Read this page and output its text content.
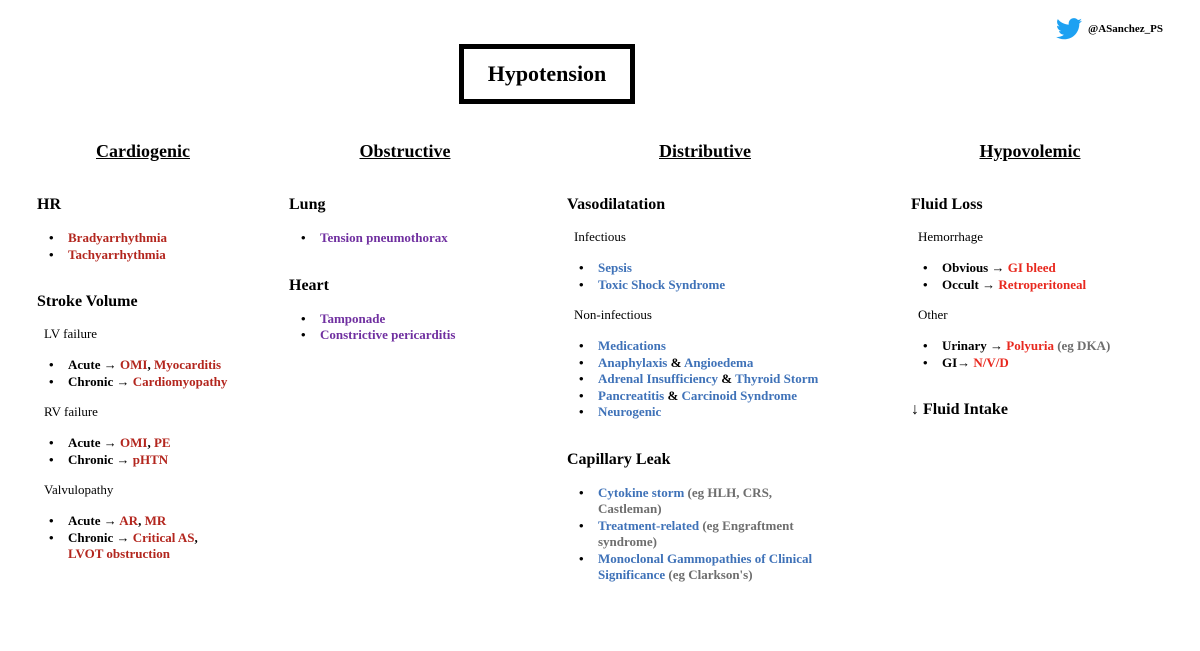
@ASanchez_PS
Hypotension
Cardiogenic	Obstructive	Distributive	Hypovolemic
HR
• Bradyarrhythmia
• Tachyarrhythmia
Stroke Volume
LV failure
• Acute → OMI, Myocarditis
• Chronic → Cardiomyopathy
RV failure
• Acute → OMI, PE
• Chronic → pHTN
Valvulopathy
• Acute → AR, MR
• Chronic → Critical AS,
LVOT obstruction
Lung
• Tension pneumothorax
Heart
• Tamponade
• Constrictive pericarditis
Vasodilatation
Infectious
• Sepsis
• Toxic Shock Syndrome
Non-infectious
• Medications
• Anaphylaxis & Angioedema
• Adrenal Insufficiency & Thyroid Storm
• Pancreatitis & Carcinoid Syndrome
• Neurogenic
Capillary Leak
• Cytokine storm (eg HLH, CRS,
Castleman)
• Treatment-related (eg Engraftment
syndrome)
• Monoclonal Gammopathies of Clinical
Significance (eg Clarkson's)
Fluid Loss
Hemorrhage
• Obvious → GI bleed
• Occult → Retroperitoneal
Other
• Urinary → Polyuria (eg DKA)
• GI→ N/V/D
↓ Fluid Intake
